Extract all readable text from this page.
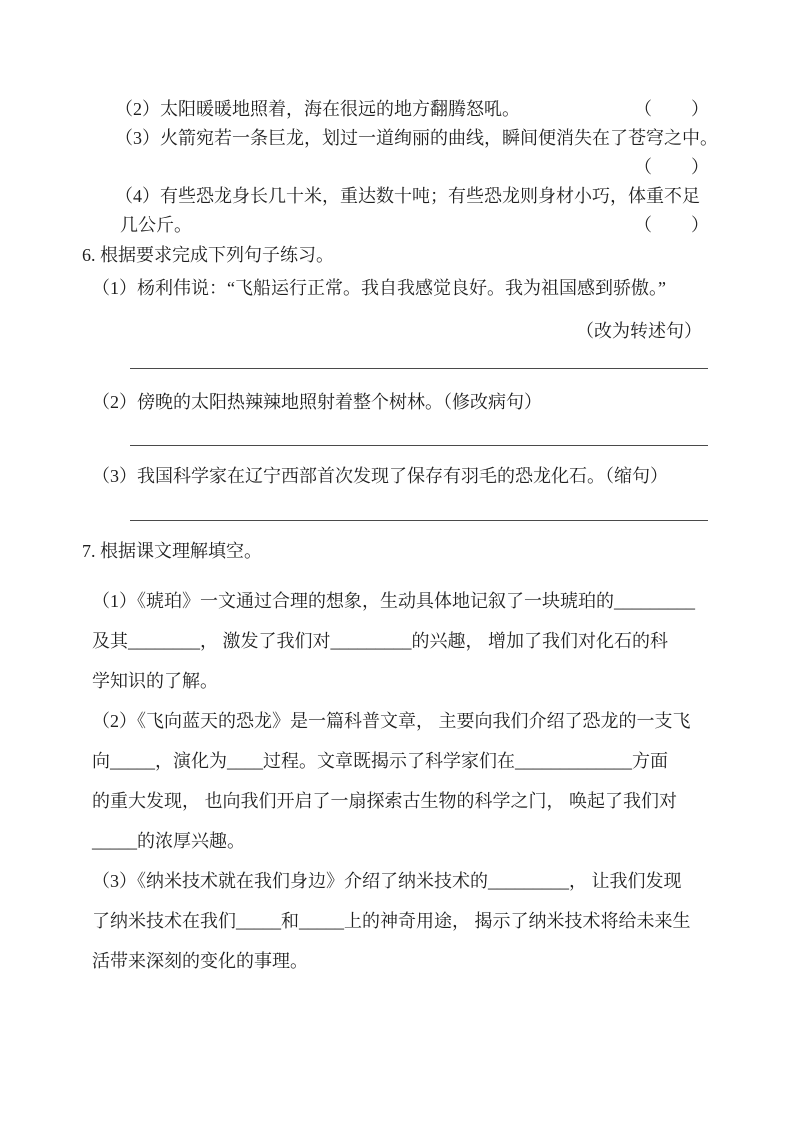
（2）太阳暖暖地照着，海在很远的地方翻腾怒吼。	（　　）
（3）火箭宛若一条巨龙，划过一道绚丽的曲线，瞬间便消失在了苍穹之中。
（　　）
（4）有些恐龙身长几十米，重达数十吨；有些恐龙则身材小巧，体重不足
几公斤。	（　　）
6. 根据要求完成下列句子练习。
（1）杨利伟说：“飞船运行正常。我自我感觉良好。我为祖国感到骄傲。”
（改为转述句）
（2）傍晚的太阳热辣辣地照射着整个树林。（修改病句）
（3）我国科学家在辽宁西部首次发现了保存有羽毛的恐龙化石。（缩句）
7. 根据课文理解填空。
（1）《琥珀》一文通过合理的想象，生动具体地记叙了一块琥珀的_________
及其________， 激发了我们对_________的兴趣， 增加了我们对化石的科
学知识的了解。
（2）《飞向蓝天的恐龙》是一篇科普文章， 主要向我们介绍了恐龙的一支飞
向_____，演化为____过程。文章既揭示了科学家们在_____________方面
的重大发现， 也向我们开启了一扇探索古生物的科学之门， 唤起了我们对
_____的浓厚兴趣。
（3）《纳米技术就在我们身边》介绍了纳米技术的_________， 让我们发现
了纳米技术在我们_____和_____上的神奇用途， 揭示了纳米技术将给未来生
活带来深刻的变化的事理。
